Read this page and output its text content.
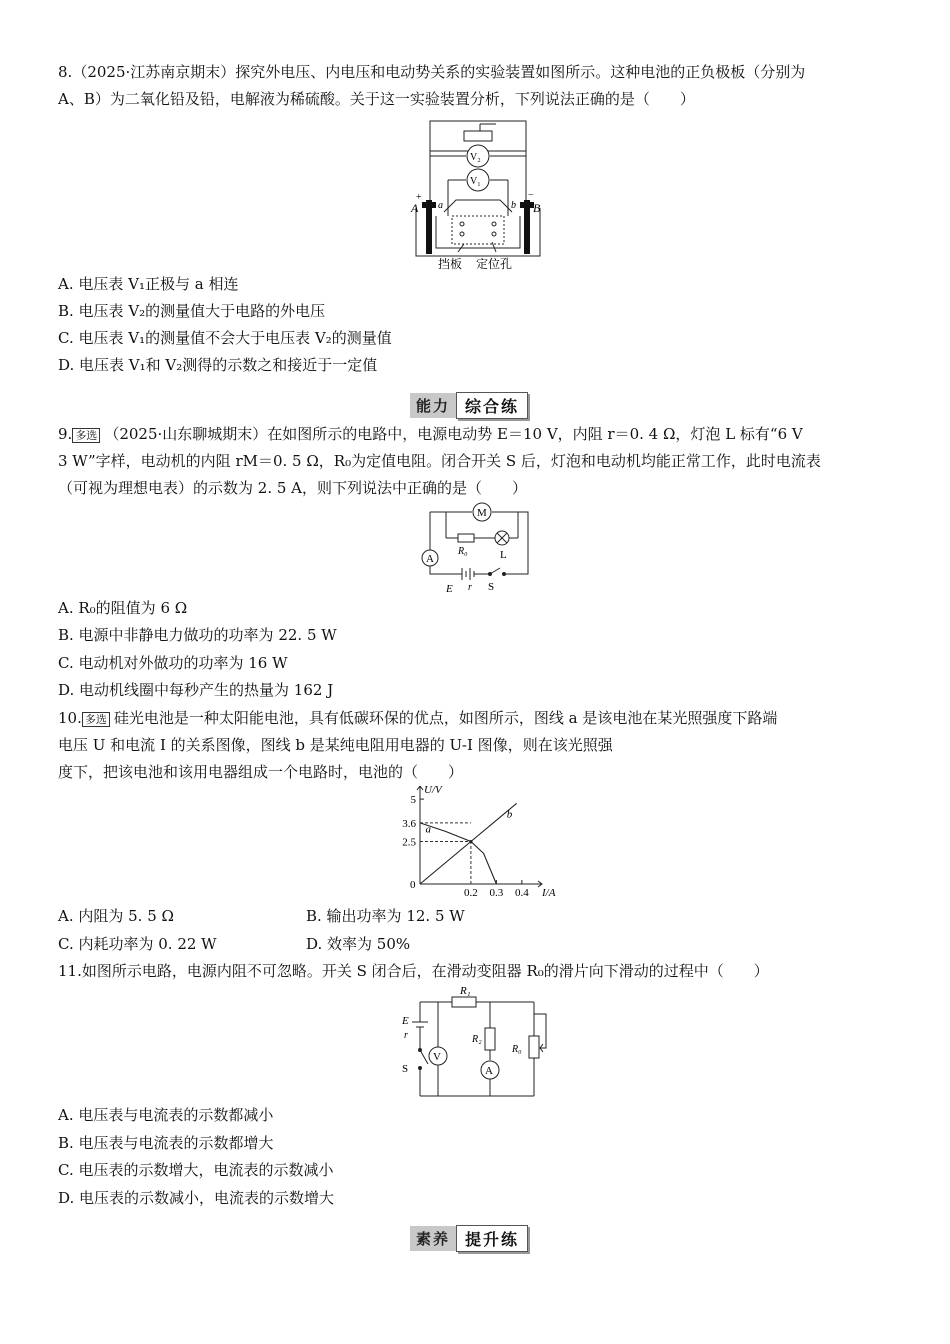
8.（2025·江苏南京期末）探究外电压、内电压和电动势关系的实验装置如图所示。这种电池的正负极板（分别为
A、B）为二氧化铅及铅，电解液为稀硫酸。关于这一实验装置分析，下列说法正确的是（　　）
V₂
V₁
A	B
+	−
a	b
挡板 定位孔
A. 电压表 V₁正极与 a 相连
B. 电压表 V₂的测量值大于电路的外电压
C. 电压表 V₁的测量值不会大于电压表 V₂的测量值
D. 电压表 V₁和 V₂测得的示数之和接近于一定值
能力 综合练
9. 多选 （2025·山东聊城期末）在如图所示的电路中，电源电动势 E＝10 V，内阻 r＝0. 4 Ω，灯泡 L 标有“6 V
3 W”字样，电动机的内阻 rM＝0. 5 Ω，R₀为定值电阻。闭合开关 S 后，灯泡和电动机均能正常工作，此时电流表
（可视为理想电表）的示数为 2. 5 A，则下列说法中正确的是（　　）
M
A
R₀	L
E r S
A. R₀的阻值为 6 Ω
B. 电源中非静电力做功的功率为 22. 5 W
C. 电动机对外做功的功率为 16 W
D. 电动机线圈中每秒产生的热量为 162 J
10. 多选 硅光电池是一种太阳能电池，具有低碳环保的优点，如图所示，图线 a 是该电池在某光照强度下路端
电压 U 和电流 I 的关系图像，图线 b 是某纯电阻用电器的 U-I 图像，则在该光照强
度下，把该电池和该用电器组成一个电路时，电池的（　　）
U/V
I/A
0
5
3.6
2.5
0.2 0.3 0.4
a
b
A. 内阻为 5. 5 Ω	B. 输出功率为 12. 5 W
C. 内耗功率为 0. 22 W	D. 效率为 50%
11.如图所示电路，电源内阻不可忽略。开关 S 闭合后，在滑动变阻器 R₀的滑片向下滑动的过程中（　　）
R₁
E
r
S
V
R₂
A
R₀
A. 电压表与电流表的示数都减小
B. 电压表与电流表的示数都增大
C. 电压表的示数增大，电流表的示数减小
D. 电压表的示数减小，电流表的示数增大
素养 提升练
